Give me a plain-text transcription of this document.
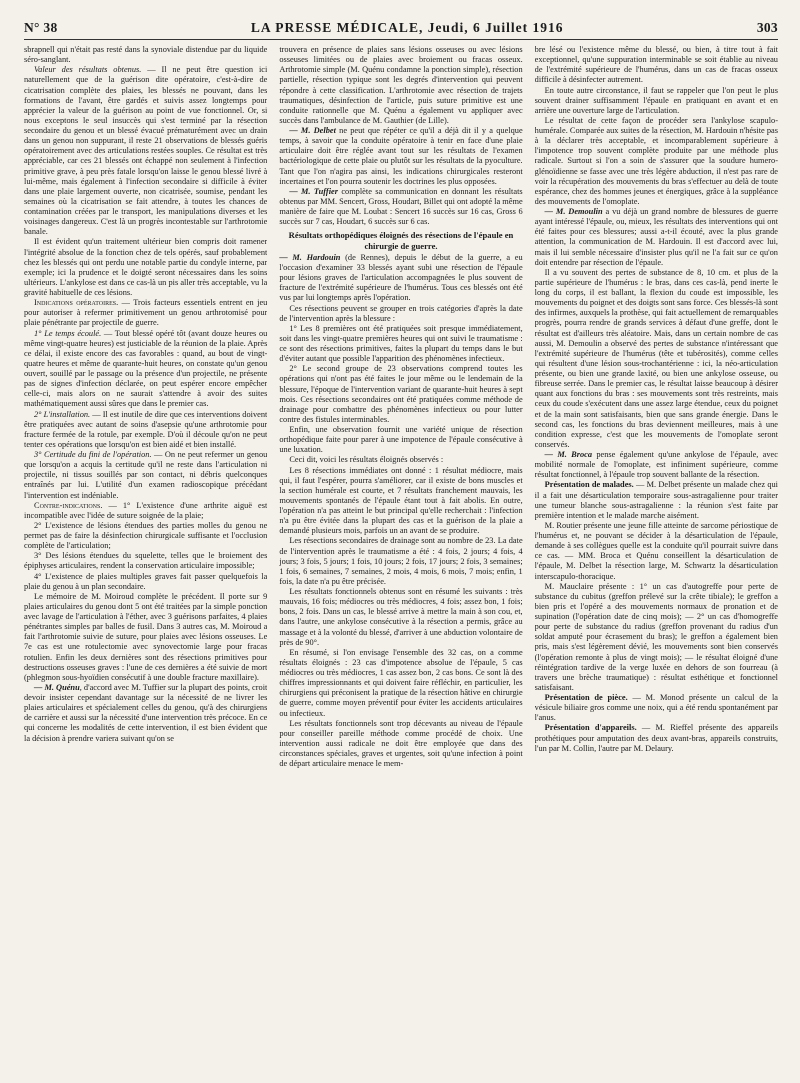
N° 38	LA PRESSE MÉDICALE, Jeudi, 6 Juillet 1916	303

sbrapnell qui n'était pas resté dans la synoviale distendue par du liquide séro-sanglant.

Valeur des résultats obtenus. — Il ne peut être question ici naturellement que de la guérison dite opératoire, c'est-à-dire de cicatrisation complète des plaies, les blessés ne pouvant, dans les formations de l'avant, être gardés et suivis assez longtemps pour apprécier la valeur de la guérison au point de vue fonctionnel. Or, si nous exceptons le seul insuccès qui s'est terminé par la résection secondaire du genou et un blessé évacué prématurément avec un drain dans un genou non suppurant, il reste 21 observations de blessés guéris opératoirement avec des articulations restées souples. Ce résultat est très appréciable, car ces 21 blessés ont échappé non seulement à l'infection primitive grave, à peu près fatale lorsqu'on laisse le genou blessé livré à lui-même, mais également à l'infection secondaire si difficile à éviter dans une plaie largement ouverte, non cicatrisée, soumise, pendant les semaines où la cicatrisation se fait attendre, à toutes les chances de contamination créées par le transport, les manipulations diverses et les voisinages dangereux. C'est là un progrès incontestable sur l'arthrotomie banale.

Il est évident qu'un traitement ultérieur bien compris doit ramener l'intégrité absolue de la fonction chez de tels opérés, sauf probablement chez les blessés qui ont perdu une notable partie du condyle interne, par exemple; ici la prudence et le doigté seront nécessaires dans les soins ultérieurs. L'ankylose est dans ce cas-là un pis aller très acceptable, vu la gravité habituelle de ces lésions.

Indications opératoires. — Trois facteurs essentiels entrent en jeu pour autoriser à refermer primitivement un genou arthrotomisé pour plaie pénétrante par projectile de guerre.

1° Le temps écoulé. — Tout blessé opéré tôt (avant douze heures ou même vingt-quatre heures) est justiciable de la réunion de la plaie. Après ce délai, il existe encore des cas favorables : quand, au bout de vingt-quatre heures et même de quarante-huit heures, on constate qu'un genou ouvert, souillé par le passage ou la présence d'un projectile, ne présente pas de signes d'infection déclarée, on peut espérer encore empêcher celle-ci, mais alors on ne saurait s'attendre à avoir des suites mathématiquement aussi sûres que dans le premier cas.

2° L'installation. — Il est inutile de dire que ces interventions doivent être pratiquées avec autant de soins d'asepsie qu'une arthrotomie pour fracture fermée de la rotule, par exemple. D'où il découle qu'on ne peut tenter ces opérations que lorsqu'on est bien aidé et bien installé.

3° Certitude du fini de l'opération. — On ne peut refermer un genou que lorsqu'on a acquis la certitude qu'il ne reste dans l'articulation ni projectile, ni tissus souillés par son contact, ni débris quelconques entraînés par lui. L'utilité d'un examen radioscopique précédant l'intervention est indéniable.

Contre-indications. — 1° L'existence d'une arthrite aiguë est incompatible avec l'idée de suture soignée de la plaie;

2° L'existence de lésions étendues des parties molles du genou ne permet pas de faire la désinfection chirurgicale suffisante et l'occlusion complète de l'articulation;

3° Des lésions étendues du squelette, telles que le broiement des épiphyses articulaires, rendent la conservation articulaire impossible;

4° L'existence de plaies multiples graves fait passer quelquefois la plaie du genou à un plan secondaire.

Le mémoire de M. Moiroud complète le précédent. Il porte sur 9 plaies articulaires du genou dont 5 ont été traitées par la simple ponction avec lavage de l'articulation à l'éther, avec 3 guérisons parfaites, 4 plaies pénétrantes simples par balles de fusil. Dans 3 autres cas, M. Moiroud a fait l'arthrotomie suivie de suture, pour plaies avec lésions osseuses. Le 7e cas est une rotulectomie avec synovectomie large pour fracas rotulien. Enfin les deux dernières sont des résections primitives pour destructions osseuses graves : l'une de ces dernières a été suivie de mort (phlegmon sous-hyoïdien consécutif à une double fracture maxillaire).

— M. Quénu, d'accord avec M. Tuffier sur la plupart des points, croit devoir insister cependant davantage sur la nécessité de ne livrer les plaies articulaires et spécialement celles du genou, qu'à des chirurgiens de carrière et aussi sur la nécessité d'une intervention très précoce. En ce qui concerne les modalités de cette intervention, il est bien évident que la décision à prendre variera suivant qu'on se

trouvera en présence de plaies sans lésions osseuses ou avec lésions osseuses limitées ou de plaies avec broiement ou fracas osseux. Arthrotomie simple (M. Quénu condamne la ponction simple), résection partielle, résection typique sont les degrés d'intervention qui peuvent répondre à cette classification. L'arthrotomie avec résection de trajets traumatiques, désinfection de l'article, puis suture primitive est une conduite rationnelle que M. Quénu a également vu appliquer avec succès dans l'ambulance de M. Gauthier (de Lille).

— M. Delbet ne peut que répéter ce qu'il a déjà dit il y a quelque temps, à savoir que la conduite opératoire à tenir en face d'une plaie articulaire doit être réglée avant tout sur les résultats de l'examen bactériologique de cette plaie ou plutôt sur les résultats de la pyoculture. Tant que l'on n'agira pas ainsi, les indications chirurgicales resteront incertaines et l'on pourra soutenir les doctrines les plus opposées.

— M. Tuffier complète sa communication en donnant les résultats obtenus par MM. Sencert, Gross, Houdart, Billet qui ont adopté la même manière de faire que M. Loubat : Sencert 16 succès sur 16 cas, Gross 6 succès sur 7 cas, Houdart, 6 succès sur 6 cas.

Résultats orthopédiques éloignés des résections de l'épaule en chirurgie de guerre.

— M. Hardouin (de Rennes), depuis le début de la guerre, a eu l'occasion d'examiner 33 blessés ayant subi une résection de l'épaule pour lésions graves de l'articulation accompagnées le plus souvent de fracture de l'extrémité supérieure de l'humérus. Tous ces blessés ont été vus par lui longtemps après l'opération.

Ces résections peuvent se grouper en trois catégories d'après la date de l'intervention après la blessure :

1° Les 8 premières ont été pratiquées soit presque immédiatement, soit dans les vingt-quatre premières heures qui ont suivi le traumatisme : ce sont des résections primitives, faites la plupart du temps dans le but d'éviter autant que possible l'apparition des phénomènes infectieux.

2° Le second groupe de 23 observations comprend toutes les opérations qui n'ont pas été faites le jour même ou le lendemain de la blessure, l'époque de l'intervention variant de quarante-huit heures à sept mois. Ces résections secondaires ont été pratiquées comme méthode de drainage pour combattre des phénomènes infectieux ou pour lutter contre des fistules interminables.

Enfin, une observation fournit une variété unique de résection orthopédique faite pour parer à une impotence de l'épaule consécutive à une luxation.

Ceci dit, voici les résultats éloignés observés :

Les 8 résections immédiates ont donné : 1 résultat médiocre, mais qui, il faut l'espérer, pourra s'améliorer, car il existe de bons muscles et la section humérale est courte, et 7 résultats franchement mauvais, les mouvements spontanés de l'épaule étant tout à fait abolis. En outre, l'opération n'a pas atteint le but principal qu'elle recherchait : l'infection n'a pu être évitée dans la plupart des cas et la guérison de la plaie a demandé plusieurs mois, parfois un an avant de se produire.

Les résections secondaires de drainage sont au nombre de 23. La date de l'intervention après le traumatisme a été : 4 fois, 2 jours; 4 fois, 4 jours; 3 fois, 5 jours; 1 fois, 10 jours; 2 fois, 17 jours; 2 fois, 3 semaines; 1 fois, 6 semaines, 7 semaines, 2 mois, 4 mois, 6 mois, 7 mois; enfin, 1 fois, la date n'a pu être précisée.

Les résultats fonctionnels obtenus sont en résumé les suivants : très mauvais, 16 fois; médiocres ou très médiocres, 4 fois; assez bon, 1 fois; bons, 2 fois. Dans un cas, le blessé arrive à mettre la main à son cou, et, dans l'autre, une ankylose consécutive à la résection a permis, grâce au massage et à la volonté du blessé, d'arriver à une abduction volontaire de près de 90°.

En résumé, si l'on envisage l'ensemble des 32 cas, on a comme résultats éloignés : 23 cas d'impotence absolue de l'épaule, 5 cas médiocres ou très médiocres, 1 cas assez bon, 2 cas bons. Ce sont là des chiffres impressionnants et qui doivent faire réfléchir, en particulier, les chirurgiens qui préconisent la pratique de la résection hâtive en chirurgie de guerre, comme moyen préventif pour éviter les accidents articulaires ou infectieux.

Les résultats fonctionnels sont trop décevants au niveau de l'épaule pour conseiller pareille méthode comme procédé de choix. Une intervention aussi radicale ne doit être employée que dans des circonstances spéciales, graves et urgentes, soit qu'une infection à point de départ articulaire menace le mem-

bre lésé ou l'existence même du blessé, ou bien, à titre tout à fait exceptionnel, qu'une suppuration interminable se soit établie au niveau de l'extrémité supérieure de l'humérus, dans un cas de fracas osseux difficile à désinfecter autrement.

En toute autre circonstance, il faut se rappeler que l'on peut le plus souvent drainer suffisamment l'épaule en pratiquant en avant et en arrière une ouverture large de l'articulation.

Le résultat de cette façon de procéder sera l'ankylose scapulo-humérale. Comparée aux suites de la résection, M. Hardouin n'hésite pas à la déclarer très acceptable, et incomparablement supérieure à l'impotence trop souvent complète produite par une méthode plus radicale. Surtout si l'on a soin de s'assurer que la soudure humero-glénoïdienne se fasse avec une très légère abduction, il n'est pas rare de voir la récupération des mouvements du bras s'effectuer au delà de toute espérance, chez des hommes jeunes et énergiques, grâce à la suppléance des mouvements de l'omoplate.

— M. Demoulin a vu déjà un grand nombre de blessures de guerre ayant intéressé l'épaule, ou, mieux, les résultats des interventions qui ont été faites pour ces blessures; aussi a-t-il écouté, avec la plus grande attention, la communication de M. Hardouin. Il est d'accord avec lui, mais il lui semble nécessaire d'insister plus qu'il ne l'a fait sur ce qu'on doit entendre par résection de l'épaule.

Il a vu souvent des pertes de substance de 8, 10 cm. et plus de la partie supérieure de l'humérus : le bras, dans ces cas-là, pend inerte le long du corps, il est ballant, la flexion du coude est impossible, les mouvements du poignet et des doigts sont sans force. Ces blessés-là sont des infirmes, auxquels la prothèse, qui fait actuellement de remarquables progrès, pourra rendre de grands services à défaut d'une greffe, dont le résultat est d'ailleurs très aléatoire. Mais, dans un certain nombre de cas aussi, M. Demoulin a observé des pertes de substance n'intéressant que l'extrémité supérieure de l'humérus (tête et tubérosités), comme celles qui résultent d'une lésion sous-trochantérienne : ici, la néo-articulation présente, ou bien une grande laxité, ou bien une ankylose osseuse, ou fibreuse serrée. Dans le premier cas, le résultat laisse beaucoup à désirer quant aux fonctions du bras : ses mouvements sont très restreints, mais ceux du coude s'exécutent dans une assez large étendue, ceux du poignet et de la main sont satisfaisants, bien que sans grande énergie. Dans le second cas, les fonctions du bras deviennent meilleures, mais à une condition expresse, c'est que les mouvements de l'omoplate seront conservés.

— M. Broca pense également qu'une ankylose de l'épaule, avec mobilité normale de l'omoplate, est infiniment supérieure, comme résultat fonctionnel, à l'épaule trop souvent ballante de la résection.

Présentation de malades. — M. Delbet présente un malade chez qui il a fait une désarticulation temporaire sous-astragalienne pour traiter une tumeur blanche sous-astragalienne : la réunion s'est faite par première intention et le malade marche aisément.

M. Routier présente une jeune fille atteinte de sarcome périostique de l'humérus et, ne pouvant se décider à la désarticulation de l'épaule, demande à ses collègues quelle est la conduite qu'il pourrait suivre dans ce cas. — MM. Broca et Quénu conseillent la désarticulation de l'épaule, M. Delbet la résection large, M. Schwartz la désarticulation interscapulo-thoracique.

M. Mauclaire présente : 1° un cas d'autogreffe pour perte de substance du cubitus (greffon prélevé sur la crête tibiale); le greffon a bien pris et l'opéré a des mouvements normaux de pronation et de supination (l'opération date de cinq mois); — 2° un cas d'homogreffe pour perte de substance du radius (greffon provenant du radius d'un soldat amputé pour écrasement du bras); le greffon a également bien pris, mais s'est légèrement dévié, les mouvements sont bien conservés (l'opération remonte à plus de vingt mois); — le résultat éloigné d'une réintégration tardive de la verge luxée en dehors de son fourreau (à travers une brèche traumatique) : résultat esthétique et fonctionnel satisfaisant.

Présentation de pièce. — M. Monod présente un calcul de la vésicule biliaire gros comme une noix, qui a été rendu spontanément par l'anus.

Présentation d'appareils. — M. Rieffel présente des appareils prothétiques pour amputation des deux avant-bras, appareils construits, l'un par M. Collin, l'autre par M. Delaury.
